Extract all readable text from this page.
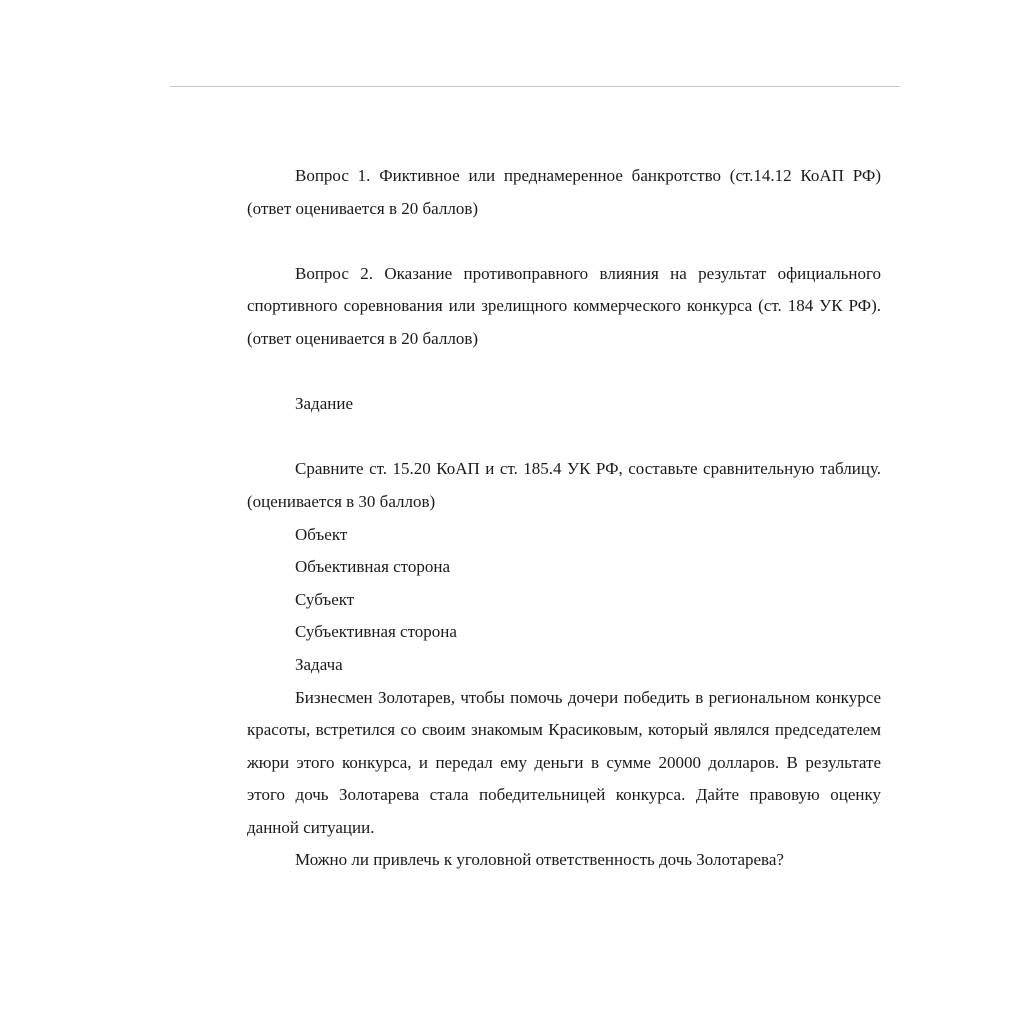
Вопрос 1. Фиктивное или преднамеренное банкротство (ст.14.12 КоАП РФ) (ответ оценивается в 20 баллов)

Вопрос 2. Оказание противоправного влияния на результат официального спортивного соревнования или зрелищного коммерческого конкурса (ст. 184 УК РФ). (ответ оценивается в 20 баллов)

Задание

Сравните ст. 15.20 КоАП и ст. 185.4 УК РФ, составьте сравнительную таблицу. (оценивается в 30 баллов)

Объект

Объективная сторона

Субъект

Субъективная сторона

Задача

Бизнесмен Золотарев, чтобы помочь дочери победить в региональном конкурсе красоты, встретился со своим знакомым Красиковым, который являлся председателем жюри этого конкурса, и передал ему деньги в сумме 20000 долларов. В результате этого дочь Золотарева стала победительницей конкурса. Дайте правовую оценку данной ситуации.

Можно ли привлечь к уголовной ответственность дочь Золотарева?
